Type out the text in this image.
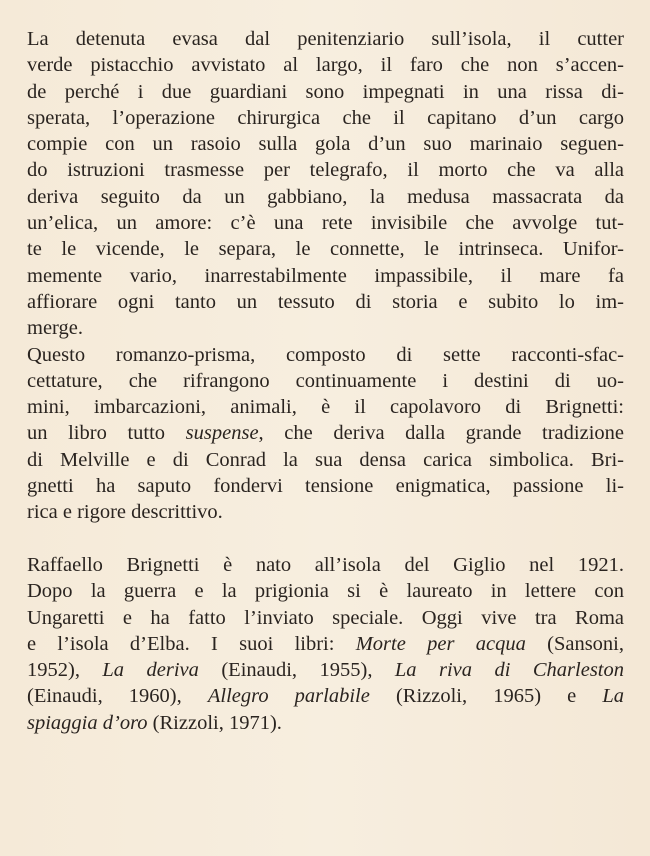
La detenuta evasa dal penitenziario sull’isola, il cutter
verde pistacchio avvistato al largo, il faro che non s’accen-
de perché i due guardiani sono impegnati in una rissa di-
sperata, l’operazione chirurgica che il capitano d’un cargo
compie con un rasoio sulla gola d’un suo marinaio seguen-
do istruzioni trasmesse per telegrafo, il morto che va alla
deriva seguito da un gabbiano, la medusa massacrata da
un’elica, un amore: c’è una rete invisibile che avvolge tut-
te le vicende, le separa, le connette, le intrinseca. Unifor-
memente vario, inarrestabilmente impassibile, il mare fa
affiorare ogni tanto un tessuto di storia e subito lo im-
merge.
Questo romanzo-prisma, composto di sette racconti-sfac-
cettature, che rifrangono continuamente i destini di uo-
mini, imbarcazioni, animali, è il capolavoro di Brignetti:
un libro tutto suspense, che deriva dalla grande tradizione
di Melville e di Conrad la sua densa carica simbolica. Bri-
gnetti ha saputo fondervi tensione enigmatica, passione li-
rica e rigore descrittivo.
Raffaello Brignetti è nato all’isola del Giglio nel 1921.
Dopo la guerra e la prigionia si è laureato in lettere con
Ungaretti e ha fatto l’inviato speciale. Oggi vive tra Roma
e l’isola d’Elba. I suoi libri: Morte per acqua (Sansoni,
1952), La deriva (Einaudi, 1955), La riva di Charleston
(Einaudi, 1960), Allegro parlabile (Rizzoli, 1965) e La
spiaggia d’oro (Rizzoli, 1971).
